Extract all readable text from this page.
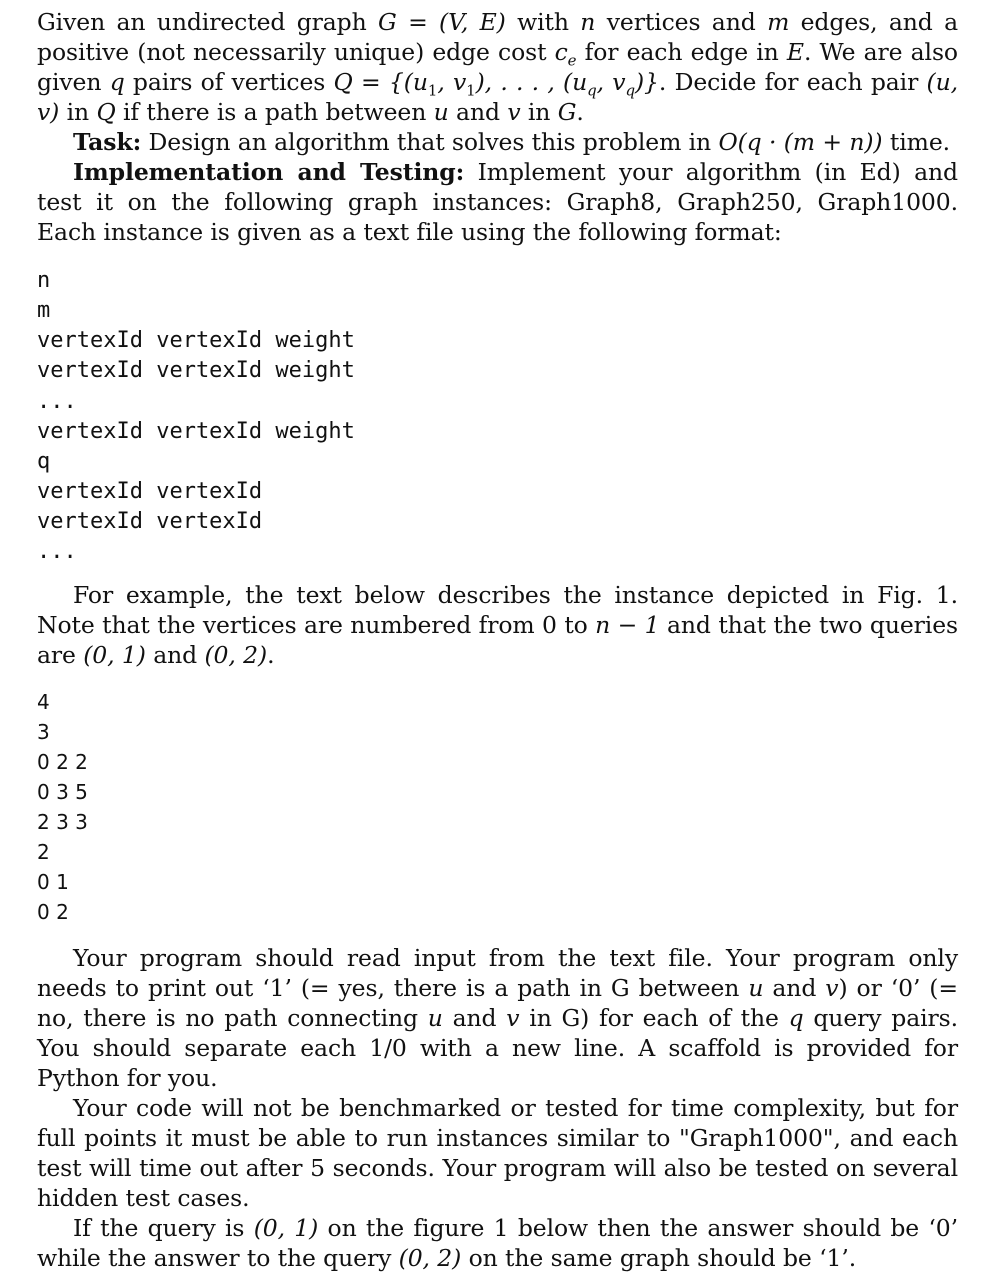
Given an undirected graph G = (V, E) with n vertices and m edges, and a positive (not necessarily unique) edge cost $c_e$ for each edge in E. We are also given q pairs of vertices $Q = \{(u_1$, $v_1$), . . . , ($u_q$, $v_q$)}. Decide for each pair (u, v) in Q if there is a path between u and v in G.

Task: Design an algorithm that solves this problem in O(q · (m + n)) time.

Implementation and Testing: Implement your algorithm (in Ed) and test it on the following graph instances: Graph8, Graph250, Graph1000. Each instance is given as a text file using the following format:

n
m
vertexId vertexId weight
vertexId vertexId weight
...
vertexId vertexId weight
q
vertexId vertexId
vertexId vertexId
...

For example, the text below describes the instance depicted in Fig. 1. Note that the vertices are numbered from 0 to n − 1 and that the two queries are (0, 1) and (0, 2).

4
3
0 2 2
0 3 5
2 3 3
2
0 1
0 2

Your program should read input from the text file. Your program only needs to print out ‘1’ (= yes, there is a path in G between u and v) or ‘0’ (= no, there is no path connecting u and v in G) for each of the q query pairs. You should separate each 1/0 with a new line. A scaffold is provided for Python for you.

Your code will not be benchmarked or tested for time complexity, but for full points it must be able to run instances similar to "Graph1000", and each test will time out after 5 seconds. Your program will also be tested on several hidden test cases.

If the query is (0, 1) on the figure 1 below then the answer should be ‘0’ while the answer to the query (0, 2) on the same graph should be ‘1’.
